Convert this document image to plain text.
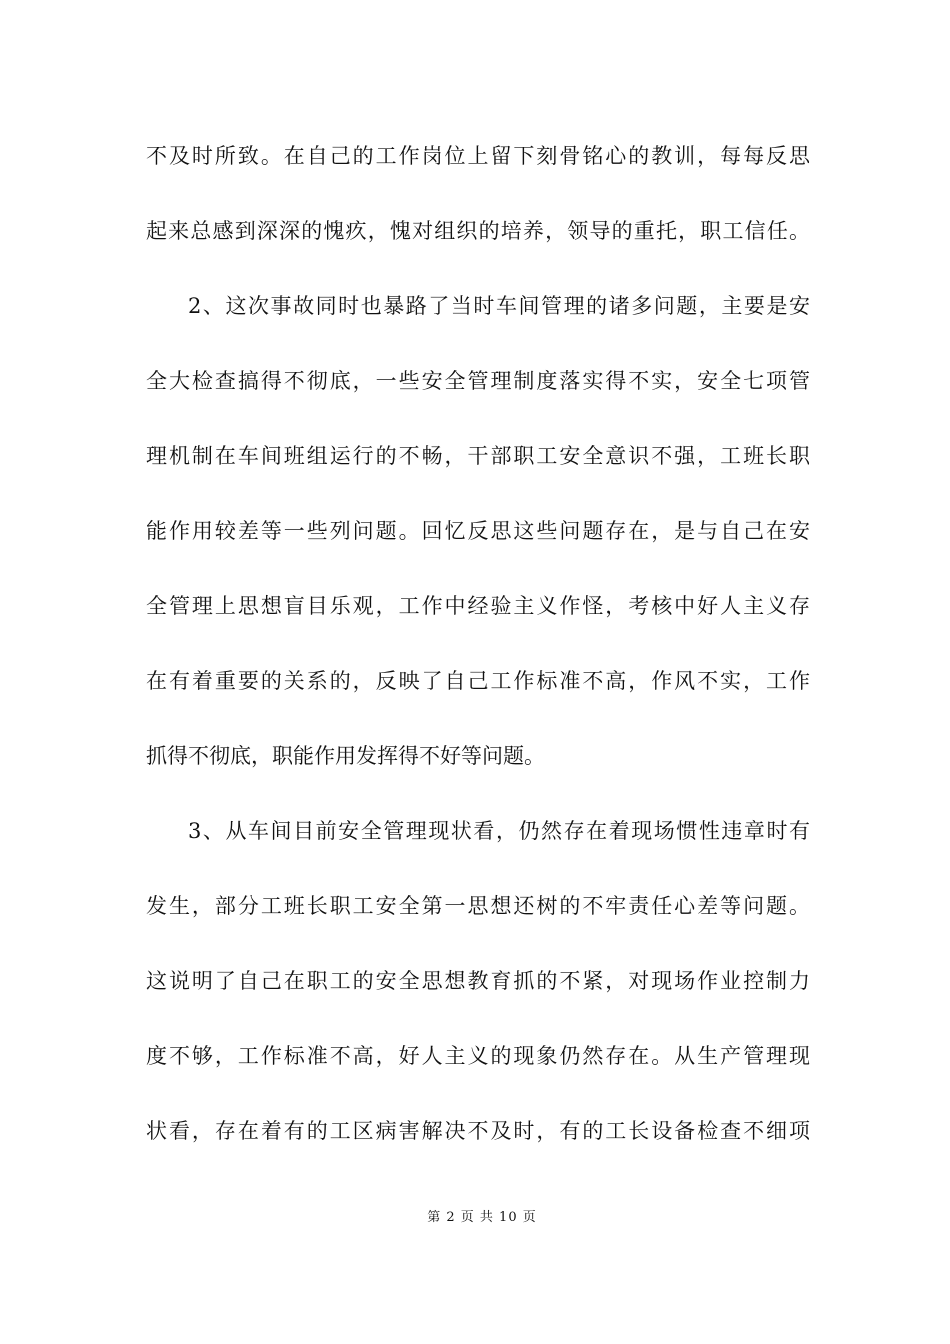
不及时所致。在自己的工作岗位上留下刻骨铭心的教训，每每反思
起来总感到深深的愧疚，愧对组织的培养，领导的重托，职工信任。
2、这次事故同时也暴路了当时车间管理的诸多问题，主要是安
全大检查搞得不彻底，一些安全管理制度落实得不实，安全七项管
理机制在车间班组运行的不畅，干部职工安全意识不强，工班长职
能作用较差等一些列问题。回忆反思这些问题存在，是与自己在安
全管理上思想盲目乐观，工作中经验主义作怪，考核中好人主义存
在有着重要的关系的，反映了自己工作标准不高，作风不实，工作
抓得不彻底，职能作用发挥得不好等问题。
3、从车间目前安全管理现状看，仍然存在着现场惯性违章时有
发生，部分工班长职工安全第一思想还树的不牢责任心差等问题。
这说明了自己在职工的安全思想教育抓的不紧，对现场作业控制力
度不够，工作标准不高，好人主义的现象仍然存在。从生产管理现
状看，存在着有的工区病害解决不及时，有的工长设备检查不细项
第 2 页 共 10 页
